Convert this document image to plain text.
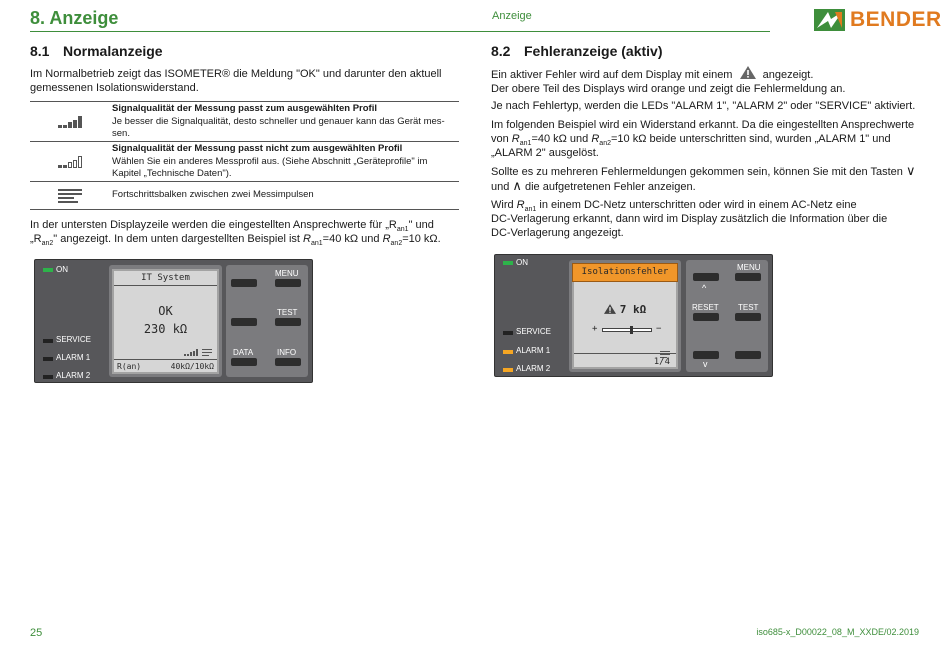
8. Anzeige	Anzeige	BENDER
8.1 Normalanzeige
Im Normalbetrieb zeigt das ISOMETER® die Meldung "OK" und darunter den aktuell
gemessenen Isolationswiderstand.
Signalqualität der Messung passt zum ausgewählten Profil
Je besser die Signalqualität, desto schneller und genauer kann das Gerät mes-
sen.
Signalqualität der Messung passt nicht zum ausgewählten Profil
Wählen Sie ein anderes Messprofil aus. (Siehe Abschnitt „Geräteprofile" im
Kapitel „Technische Daten").
Fortschrittsbalken zwischen zwei Messimpulsen
In der untersten Displayzeile werden die eingestellten Ansprechwerte für $„R_{an1}$" und
$„R_{an2}$" angezeigt. In dem unten dargestellten Beispiel ist $R_{an1}=40$ kΩ und $R_{an2}=10$ kΩ.
ON
SERVICE
ALARM 1
ALARM 2
IT System
OK
230 kΩ
R(an)	40kΩ/10kΩ
MENU
TEST
DATA	INFO
8.2 Fehleranzeige (aktiv)
Ein aktiver Fehler wird auf dem Display mit einem	angezeigt.
Der obere Teil des Displays wird orange und zeigt die Fehlermeldung an.
Je nach Fehlertyp, werden die LEDs "ALARM 1", "ALARM 2" oder "SERVICE" aktiviert.
Im folgenden Beispiel wird ein Widerstand erkannt. Da die eingestellten Ansprechwerte
von $R_{an1}=40$ kΩ und $R_{an2}=10$ kΩ beide unterschritten sind, wurden „ALARM 1" und
„ALARM 2" ausgelöst.
Sollte es zu mehreren Fehlermeldungen gekommen sein, können Sie mit den Tasten ∨
und ∧ die aufgetretenen Fehler anzeigen.
Wird $R_{an1}$ in einem DC-Netz unterschritten oder wird in einem AC-Netz eine
DC-Verlagerung erkannt, dann wird im Display zusätzlich die Information über die
DC-Verlagerung angezeigt.
ON
SERVICE
ALARM 1
ALARM 2
Isolationsfehler
7 kΩ
+	−
1/4
MENU
^
RESET TEST
v
25	iso685-x_D00022_08_M_XXDE/02.2019
